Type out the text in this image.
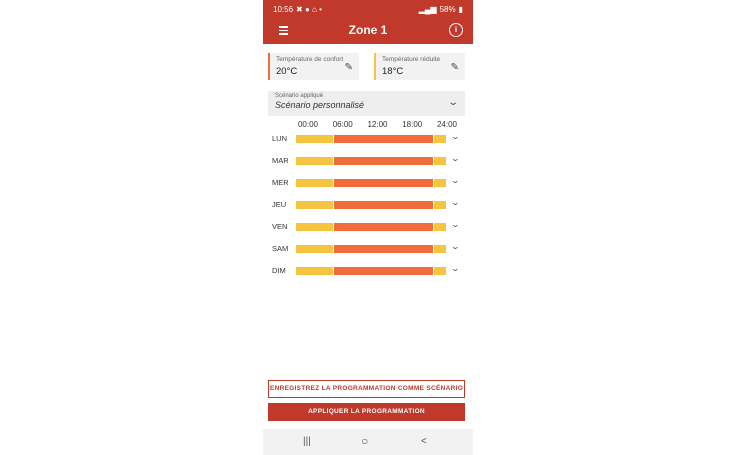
10:56 ✖ ● ⌂ •	▂▄▆ 58% ▮
Zone 1	i
Température de confort
20°C	✎
Température réduite
18°C	✎
Scénario appliqué
Scénario personnalisé	⌄
00:00 06:00 12:00 18:00 24:00
LUN	⌄
MAR	⌄
MER	⌄
JEU	⌄
VEN	⌄
SAM	⌄
DIM	⌄
ENREGISTREZ LA PROGRAMMATION COMME SCÉNARIO
APPLIQUER LA PROGRAMMATION
|||	○	<
